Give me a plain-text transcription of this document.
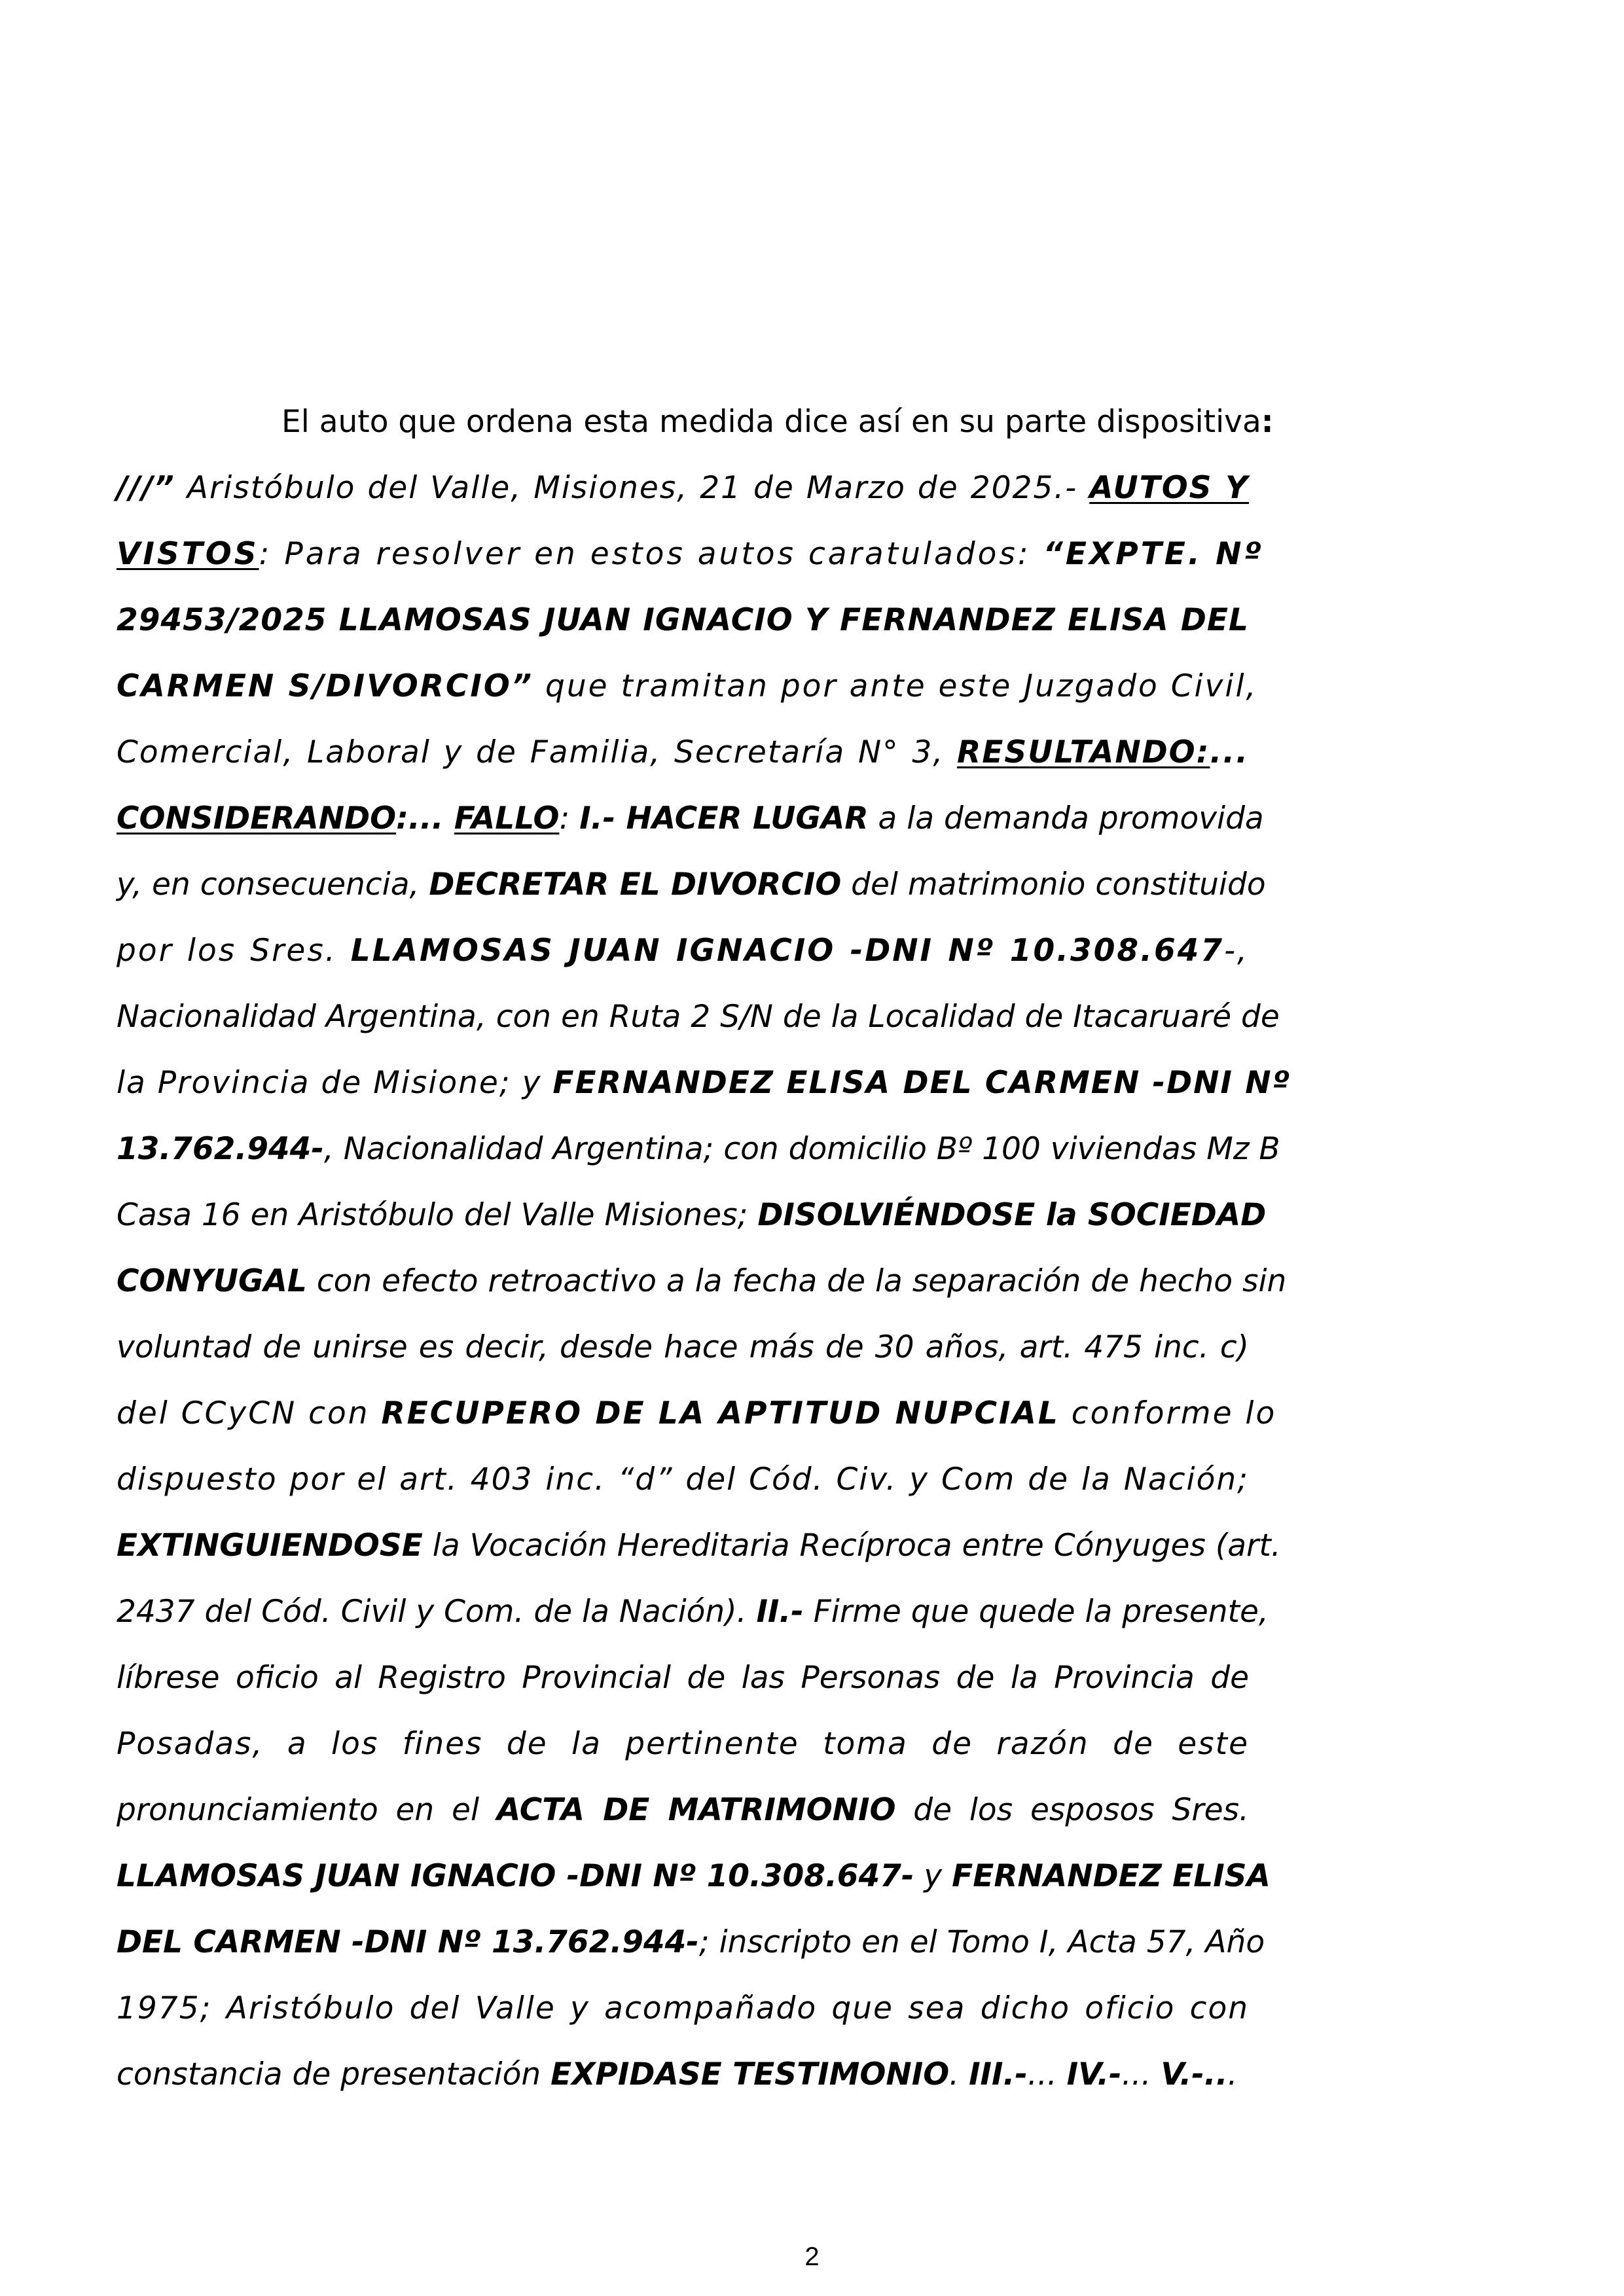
El auto que ordena esta medida dice así en su parte dispositiva:
///” Aristóbulo del Valle, Misiones, 21 de Marzo de 2025.- AUTOS Y
VISTOS: Para resolver en estos autos caratulados: “EXPTE. Nº
29453/2025 LLAMOSAS JUAN IGNACIO Y FERNANDEZ ELISA DEL
CARMEN S/DIVORCIO” que tramitan por ante este Juzgado Civil,
Comercial, Laboral y de Familia, Secretaría N° 3, RESULTANDO:...
CONSIDERANDO:... FALLO: I.- HACER LUGAR a la demanda promovida
y, en consecuencia, DECRETAR EL DIVORCIO del matrimonio constituido
por los Sres. LLAMOSAS JUAN IGNACIO -DNI Nº 10.308.647-,
Nacionalidad Argentina, con en Ruta 2 S/N de la Localidad de Itacaruaré de
la Provincia de Misione; y FERNANDEZ ELISA DEL CARMEN -DNI Nº
13.762.944-, Nacionalidad Argentina; con domicilio Bº 100 viviendas Mz B
Casa 16 en Aristóbulo del Valle Misiones; DISOLVIÉNDOSE la SOCIEDAD
CONYUGAL con efecto retroactivo a la fecha de la separación de hecho sin
voluntad de unirse es decir, desde hace más de 30 años, art. 475 inc. c)
del CCyCN con RECUPERO DE LA APTITUD NUPCIAL conforme lo
dispuesto por el art. 403 inc. “d” del Cód. Civ. y Com de la Nación;
EXTINGUIENDOSE la Vocación Hereditaria Recíproca entre Cónyuges (art.
2437 del Cód. Civil y Com. de la Nación). II.- Firme que quede la presente,
líbrese oficio al Registro Provincial de las Personas de la Provincia de
Posadas, a los fines de la pertinente toma de razón de este
pronunciamiento en el ACTA DE MATRIMONIO de los esposos Sres.
LLAMOSAS JUAN IGNACIO -DNI Nº 10.308.647- y FERNANDEZ ELISA
DEL CARMEN -DNI Nº 13.762.944-; inscripto en el Tomo I, Acta 57, Año
1975; Aristóbulo del Valle y acompañado que sea dicho oficio con
constancia de presentación EXPIDASE TESTIMONIO. III.-... IV.-... V.-...
2
